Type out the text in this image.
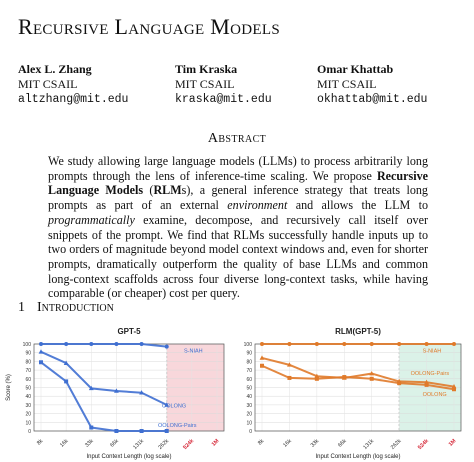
Recursive Language Models
Alex L. Zhang
MIT CSAIL
altzhang@mit.edu
Tim Kraska
MIT CSAIL
kraska@mit.edu
Omar Khattab
MIT CSAIL
okhattab@mit.edu
Abstract
We study allowing large language models (LLMs) to process arbitrarily long prompts through the lens of inference-time scaling. We propose Recursive Language Models (RLMs), a general inference strategy that treats long prompts as part of an external environment and allows the LLM to programmatically examine, decompose, and recursively call itself over snippets of the prompt. We find that RLMs successfully handle inputs up to two orders of magnitude beyond model context windows and, even for shorter prompts, dramatically outperform the quality of base LLMs and common long-context scaffolds across four diverse long-context tasks, while having comparable (or cheaper) cost per query.
1 Introduction
GPT-5
0
10
20
30
40
50
60
70
80
90
100
8k	16k	33k	66k 131k 262k 524k	1M
Input Context Length (log scale)
Score (%)
S-NIAH
OOLONG
OOLONG-Pairs
RLM(GPT-5)
0
10
20
30
40
50
60
70
80
90
100
8k	16k	33k	66k	131k	262k	524k	1M
Input Context Length (log scale)
S-NIAH
OOLONG-Pairs
OOLONG
